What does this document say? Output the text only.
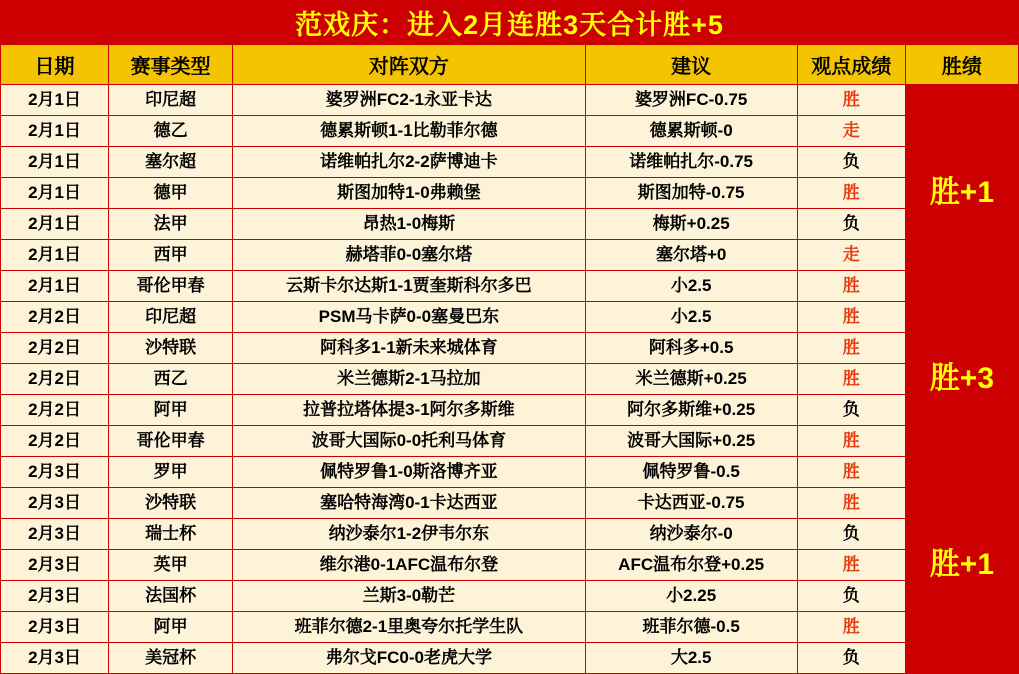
范戏庆：进入2月连胜3天合计胜+5
日期	赛事类型	对阵双方	建议	观点成绩	胜绩
2月1日	印尼超	婆罗洲FC2-1永亚卡达	婆罗洲FC-0.75	胜	胜+1
2月1日	德乙	德累斯顿1-1比勒菲尔德	德累斯顿-0	走	
2月1日	塞尔超	诺维帕扎尔2-2萨博迪卡	诺维帕扎尔-0.75	负	
2月1日	德甲	斯图加特1-0弗赖堡	斯图加特-0.75	胜	
2月1日	法甲	昂热1-0梅斯	梅斯+0.25	负	
2月1日	西甲	赫塔菲0-0塞尔塔	塞尔塔+0	走	
2月1日	哥伦甲春	云斯卡尔达斯1-1贾奎斯科尔多巴	小2.5	胜	
2月2日	印尼超	PSM马卡萨0-0塞曼巴东	小2.5	胜	胜+3
2月2日	沙特联	阿科多1-1新未来城体育	阿科多+0.5	胜	
2月2日	西乙	米兰德斯2-1马拉加	米兰德斯+0.25	胜	
2月2日	阿甲	拉普拉塔体提3-1阿尔多斯维	阿尔多斯维+0.25	负	
2月2日	哥伦甲春	波哥大国际0-0托利马体育	波哥大国际+0.25	胜	
2月3日	罗甲	佩特罗鲁1-0斯洛博齐亚	佩特罗鲁-0.5	胜	胜+1
2月3日	沙特联	塞哈特海湾0-1卡达西亚	卡达西亚-0.75	胜	
2月3日	瑞士杯	纳沙泰尔1-2伊韦尔东	纳沙泰尔-0	负	
2月3日	英甲	维尔港0-1AFC温布尔登	AFC温布尔登+0.25	胜	
2月3日	法国杯	兰斯3-0勒芒	小2.25	负	
2月3日	阿甲	班菲尔德2-1里奥夸尔托学生队	班菲尔德-0.5	胜	
2月3日	美冠杯	弗尔戈FC0-0老虎大学	大2.5	负	
